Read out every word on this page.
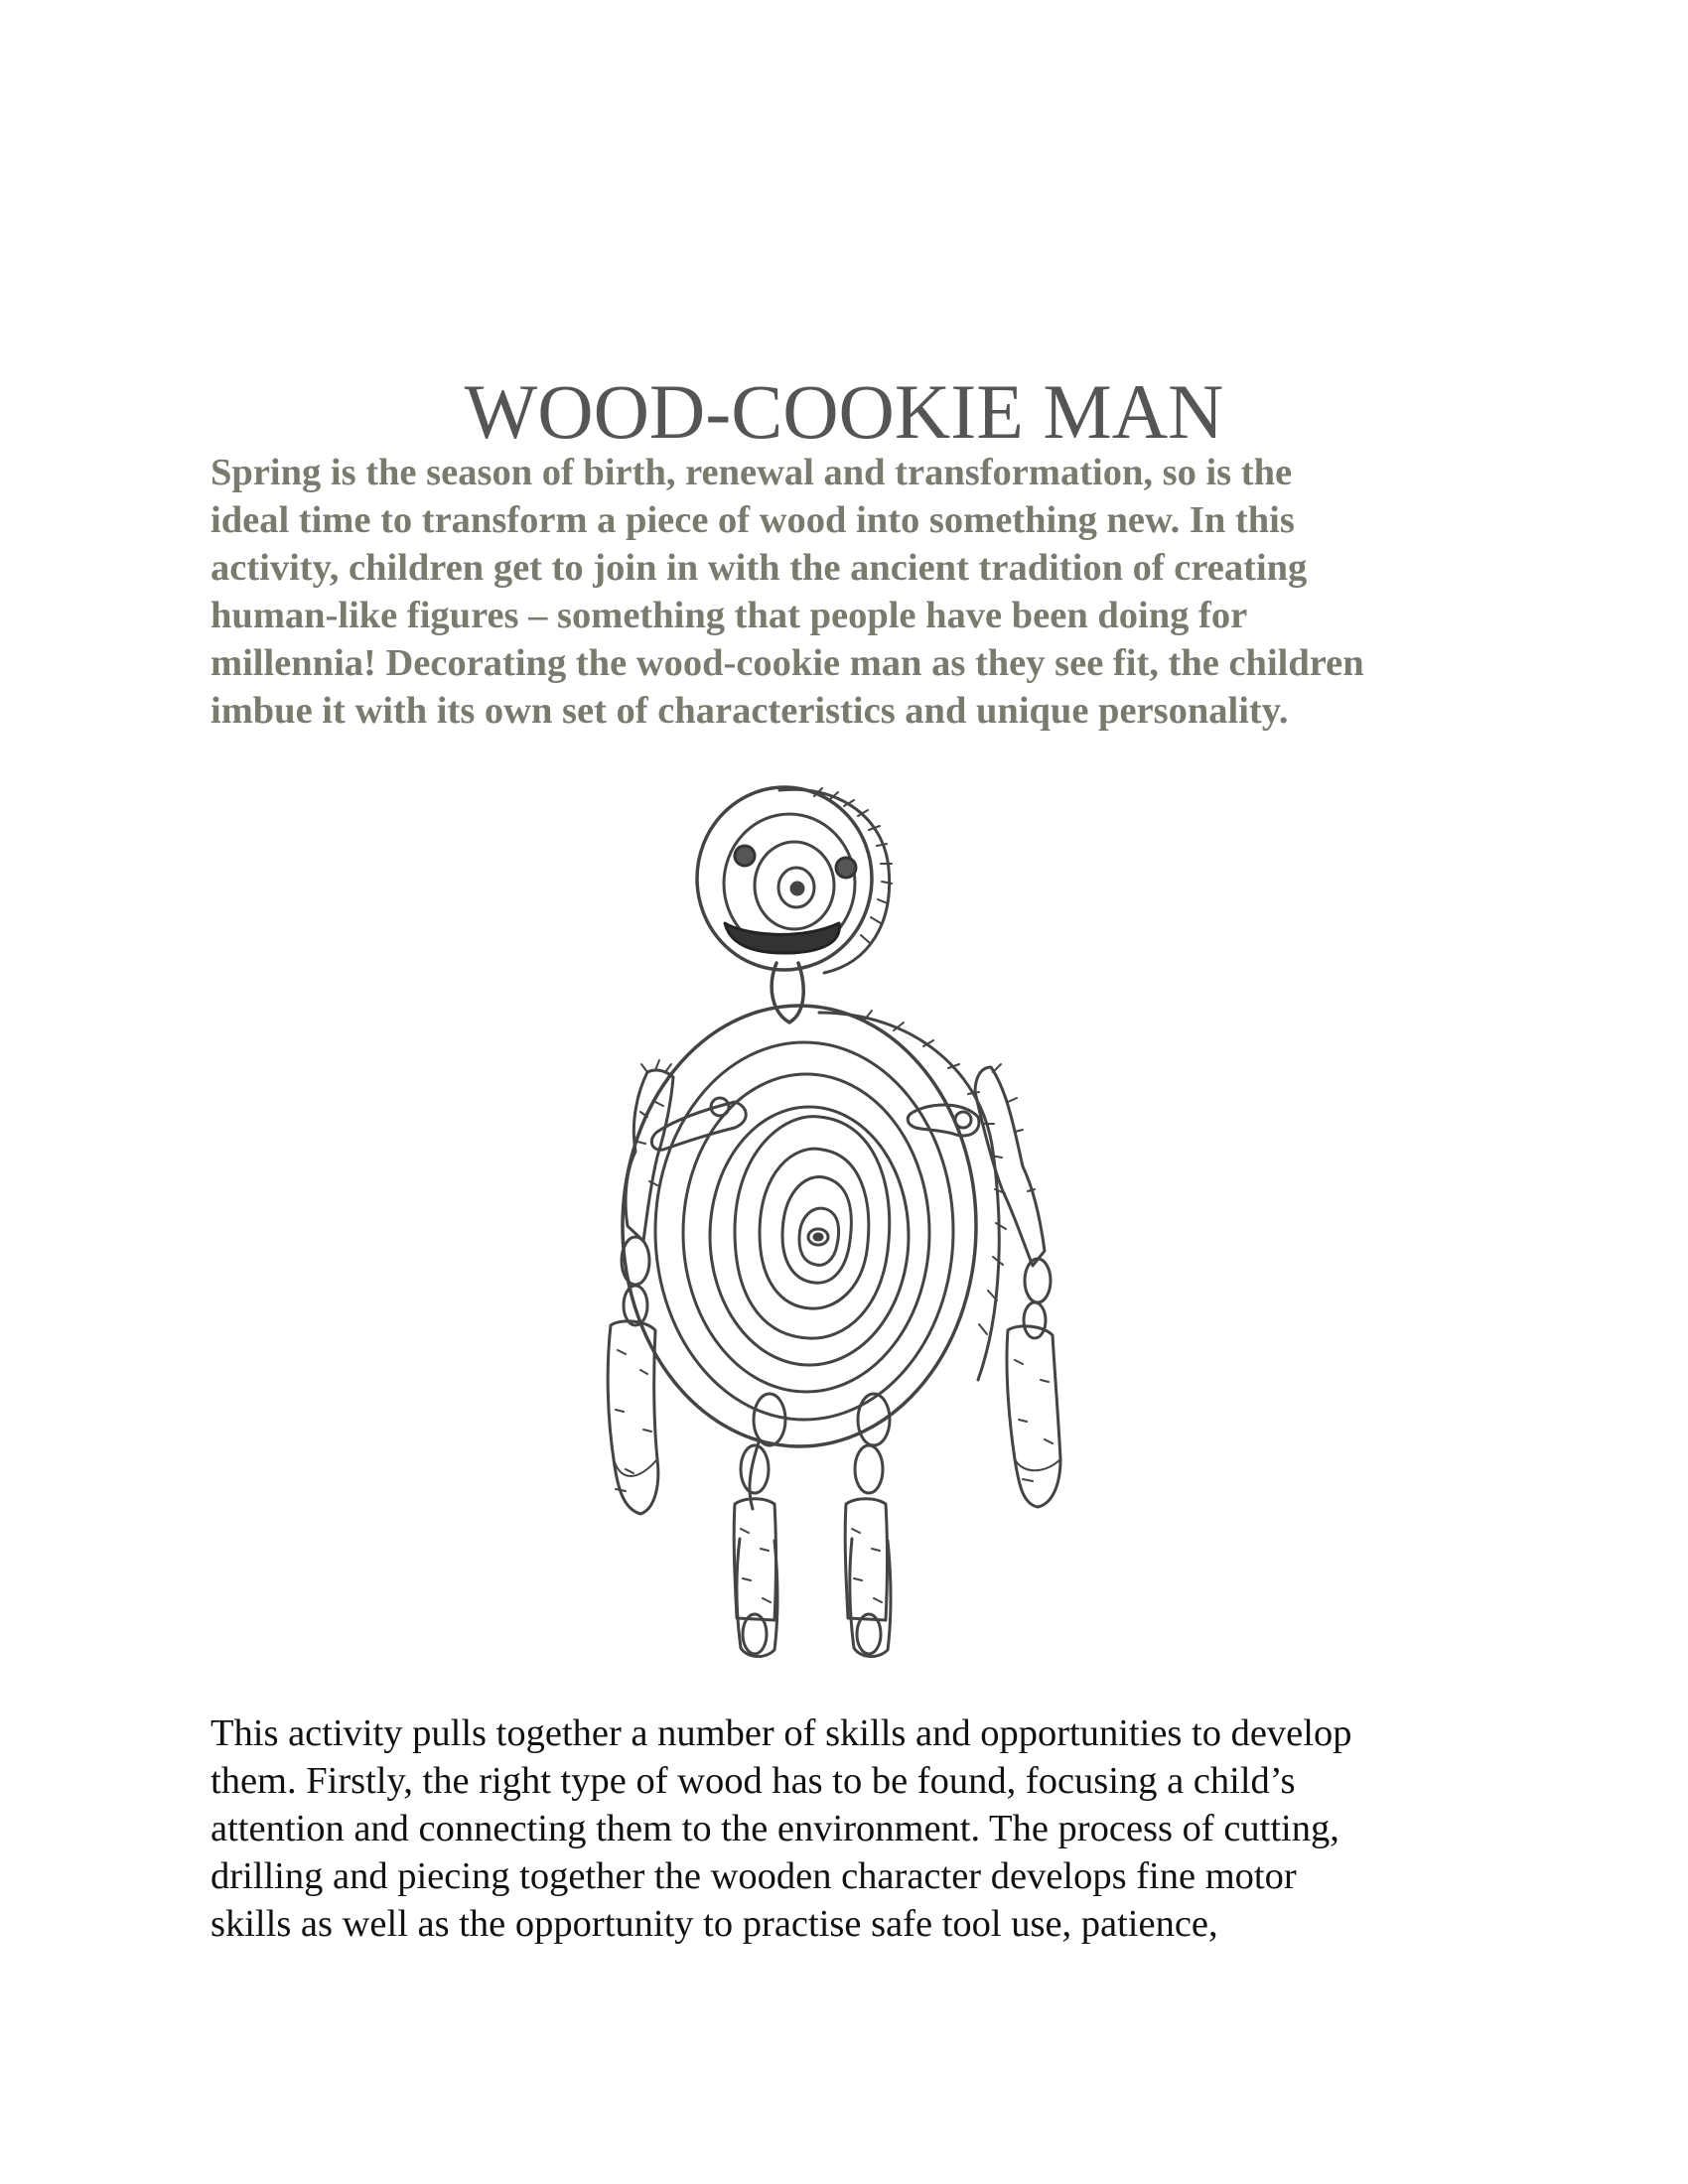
WOOD-COOKIE MAN

Spring is the season of birth, renewal and transformation, so is the
ideal time to transform a piece of wood into something new. In this
activity, children get to join in with the ancient tradition of creating
human-like figures – something that people have been doing for
millennia! Decorating the wood-cookie man as they see fit, the children
imbue it with its own set of characteristics and unique personality.

This activity pulls together a number of skills and opportunities to develop
them. Firstly, the right type of wood has to be found, focusing a child’s
attention and connecting them to the environment. The process of cutting,
drilling and piecing together the wooden character develops fine motor
skills as well as the opportunity to practise safe tool use, patience,
